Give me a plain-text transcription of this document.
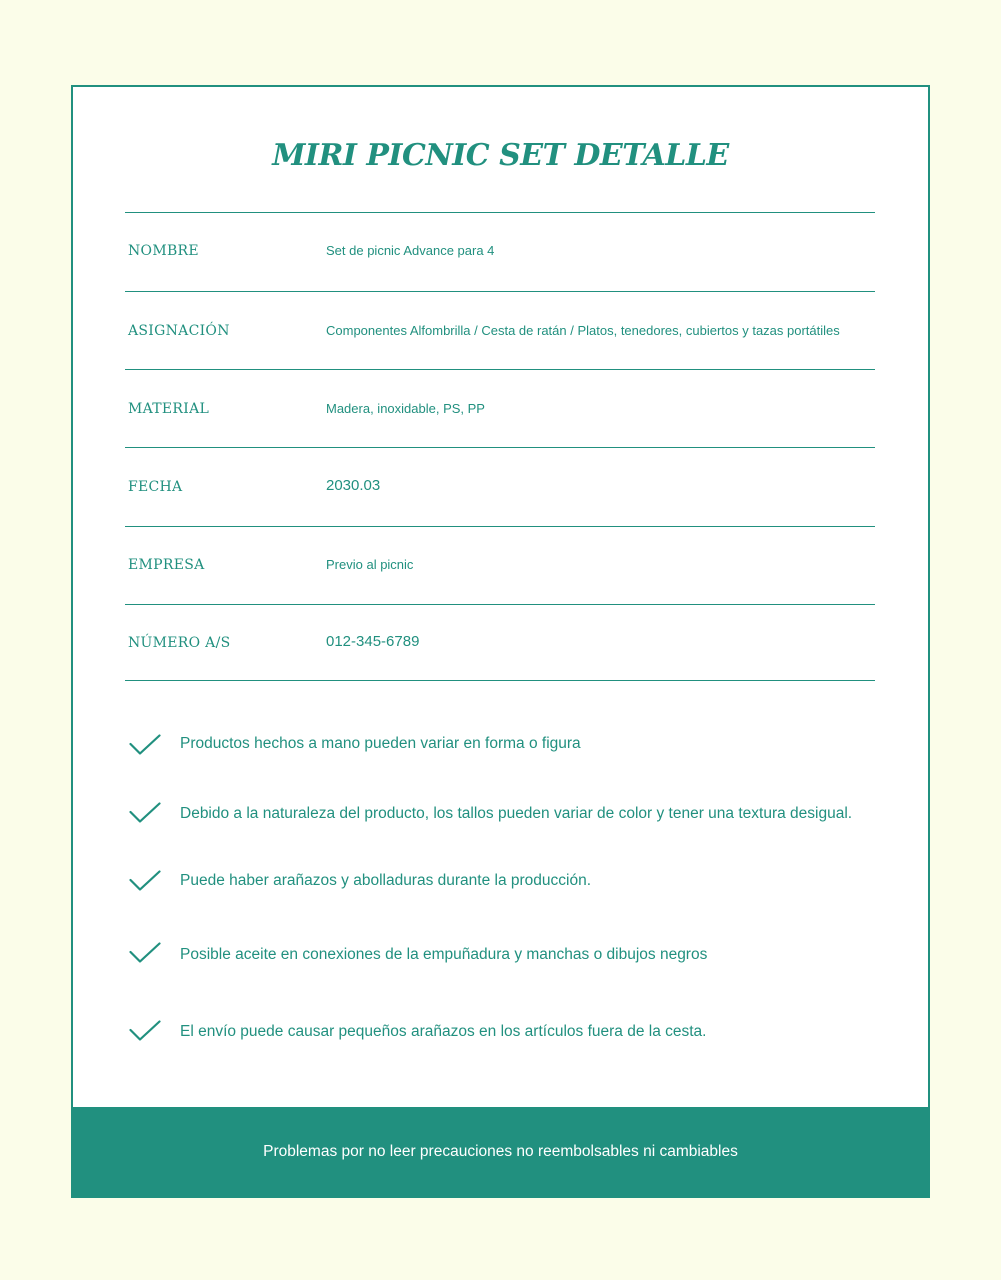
MIRI PICNIC SET DETALLE
NOMBRE	Set de picnic Advance para 4
ASIGNACIÓN	Componentes Alfombrilla / Cesta de ratán / Platos, tenedores, cubiertos y tazas portátiles
MATERIAL	Madera, inoxidable, PS, PP
FECHA	2030.03
EMPRESA	Previo al picnic
NÚMERO A/S	012-345-6789
Productos hechos a mano pueden variar en forma o figura
Debido a la naturaleza del producto, los tallos pueden variar de color y tener una textura desigual.
Puede haber arañazos y abolladuras durante la producción.
Posible aceite en conexiones de la empuñadura y manchas o dibujos negros
El envío puede causar pequeños arañazos en los artículos fuera de la cesta.
Problemas por no leer precauciones no reembolsables ni cambiables
